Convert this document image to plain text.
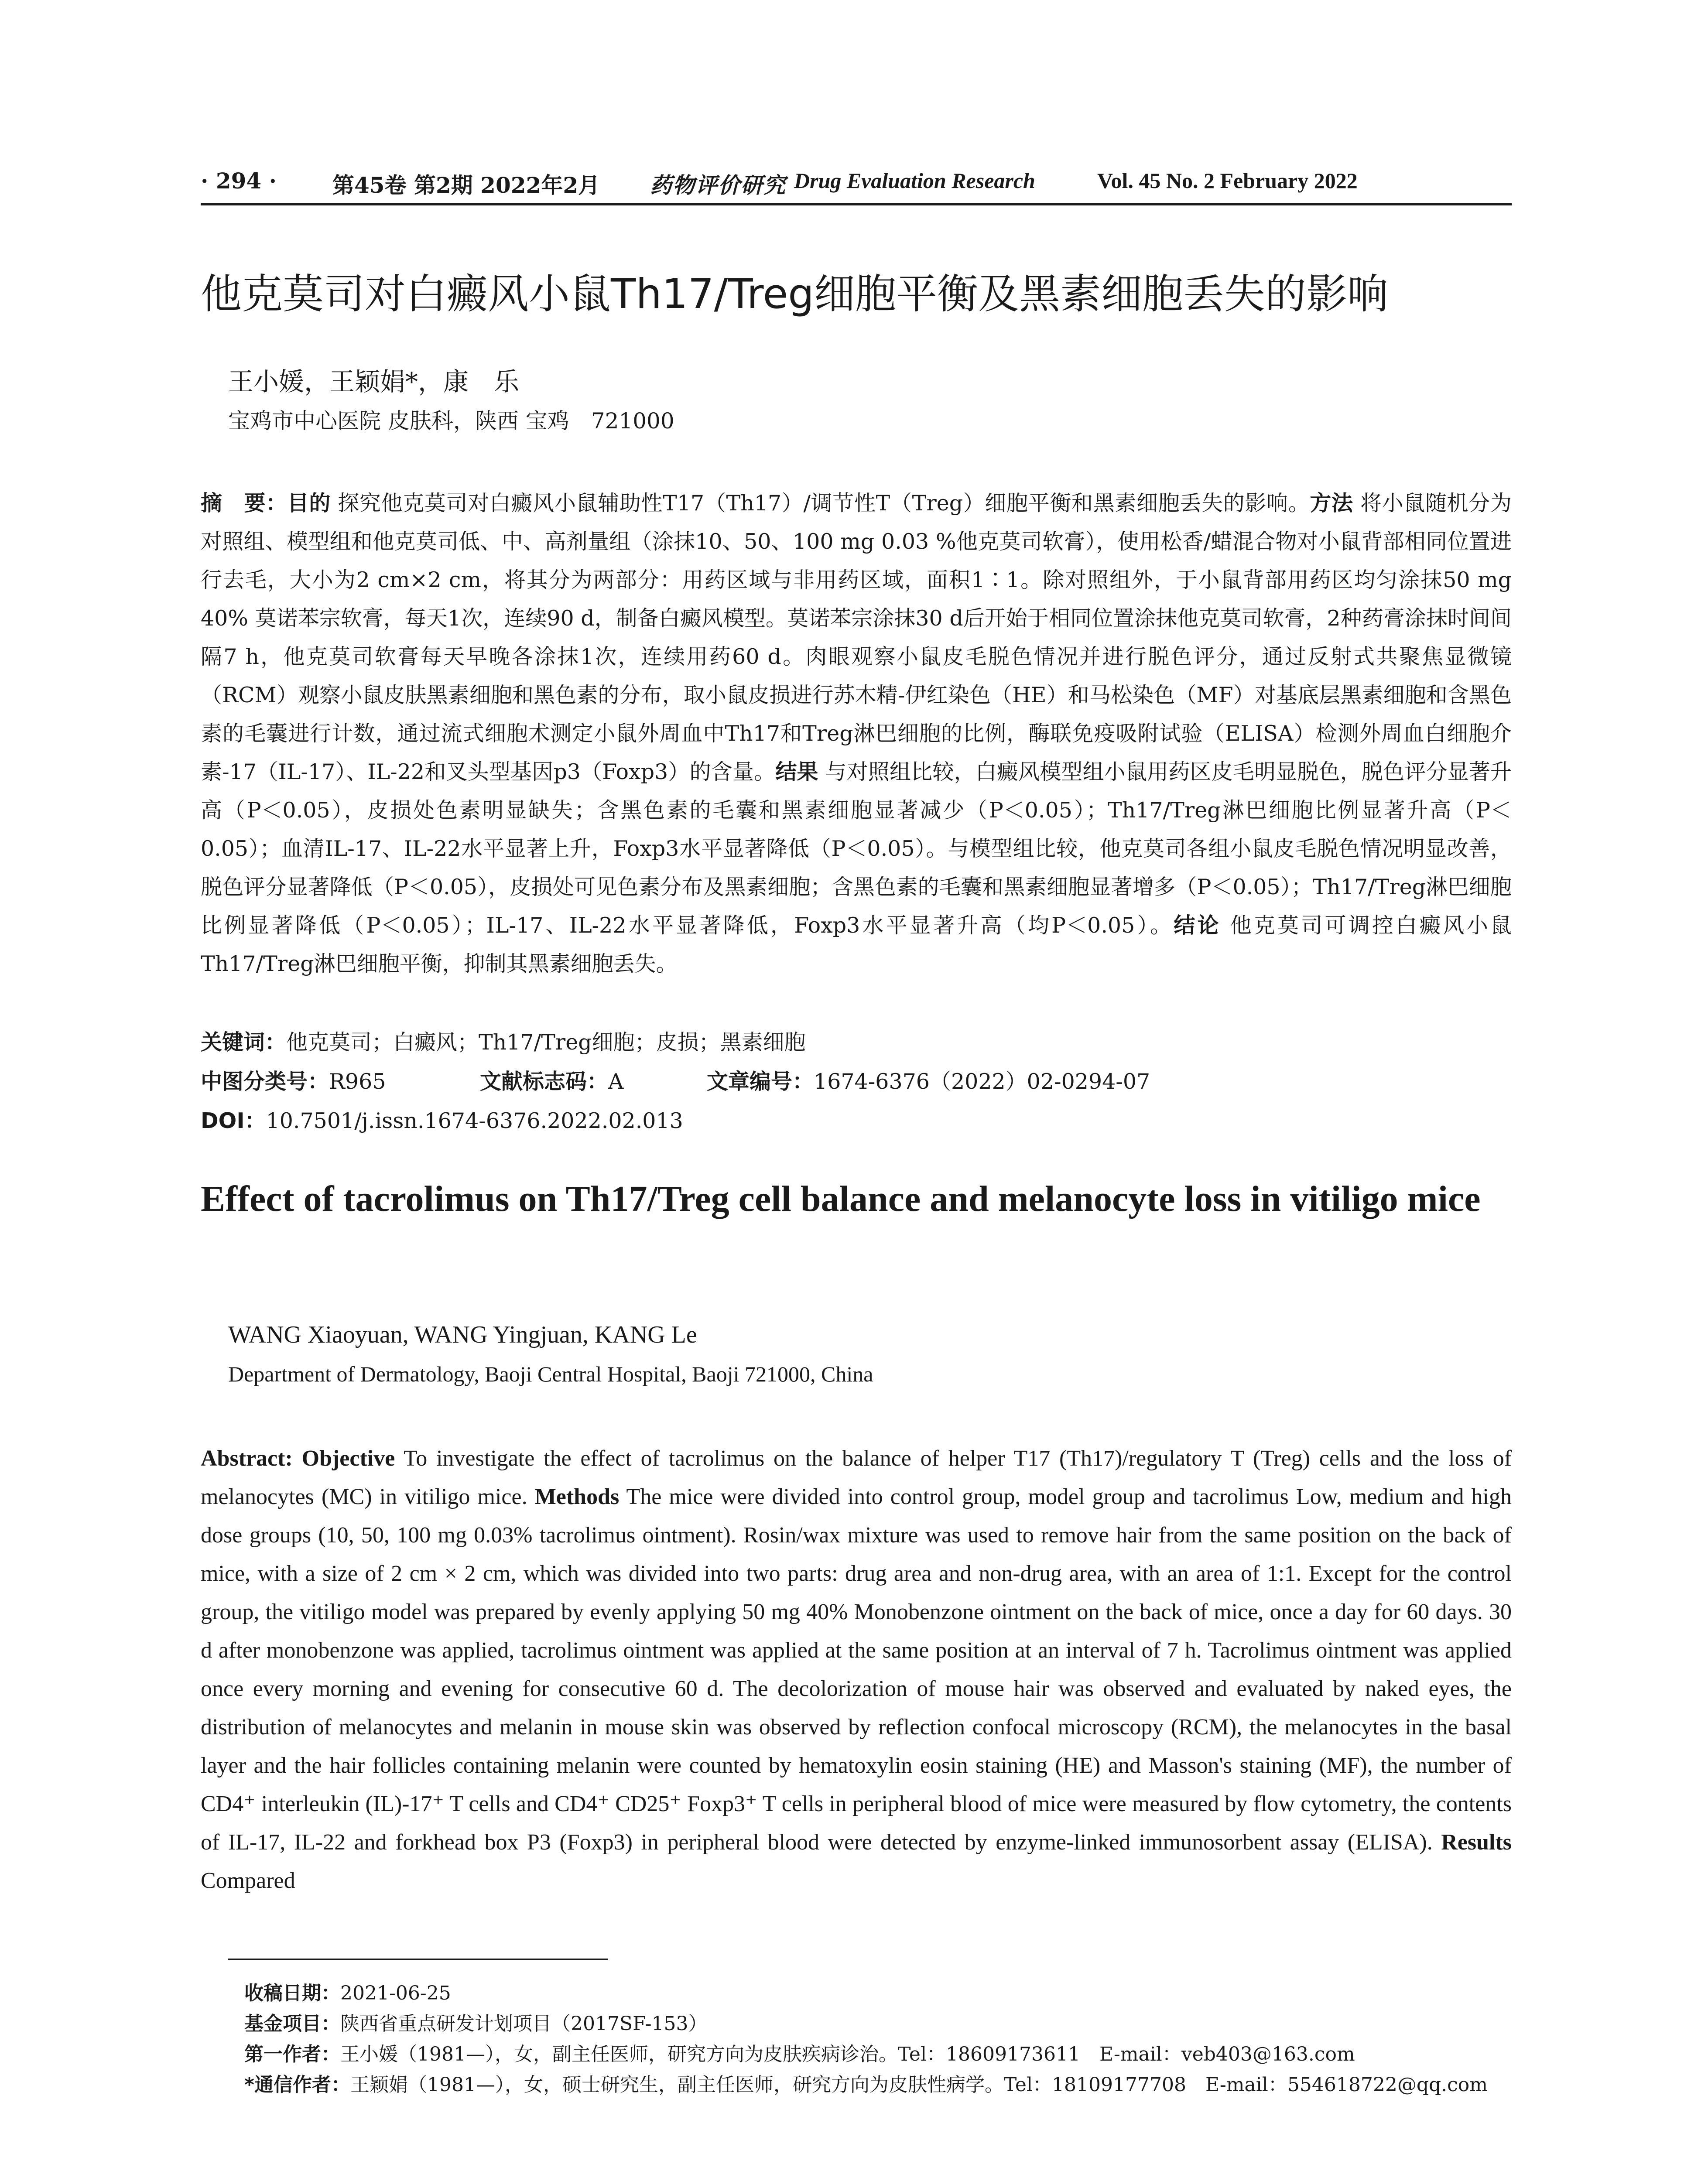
· 294 ·	第45卷 第2期 2022年2月 药物评价研究 Drug Evaluation Research	Vol. 45 No. 2 February 2022
他克莫司对白癜风小鼠Th17/Treg细胞平衡及黑素细胞丢失的影响
王小媛，王颖娟*，康　乐
宝鸡市中心医院 皮肤科，陕西 宝鸡　721000
摘　要：目的 探究他克莫司对白癜风小鼠辅助性T17（Th17）/调节性T（Treg）细胞平衡和黑素细胞丢失的影响。方法 将小鼠随机分为对照组、模型组和他克莫司低、中、高剂量组（涂抹10、50、100 mg 0.03 %他克莫司软膏），使用松香/蜡混合物对小鼠背部相同位置进行去毛，大小为2 cm×2 cm，将其分为两部分：用药区域与非用药区域，面积1∶1。除对照组外，于小鼠背部用药区均匀涂抹50 mg 40% 莫诺苯宗软膏，每天1次，连续90 d，制备白癜风模型。莫诺苯宗涂抹30 d后开始于相同位置涂抹他克莫司软膏，2种药膏涂抹时间间隔7 h，他克莫司软膏每天早晚各涂抹1次，连续用药60 d。肉眼观察小鼠皮毛脱色情况并进行脱色评分，通过反射式共聚焦显微镜（RCM）观察小鼠皮肤黑素细胞和黑色素的分布，取小鼠皮损进行苏木精-伊红染色（HE）和马松染色（MF）对基底层黑素细胞和含黑色素的毛囊进行计数，通过流式细胞术测定小鼠外周血中Th17和Treg淋巴细胞的比例，酶联免疫吸附试验（ELISA）检测外周血白细胞介素-17（IL-17）、IL-22和叉头型基因p3（Foxp3）的含量。结果 与对照组比较，白癜风模型组小鼠用药区皮毛明显脱色，脱色评分显著升高（P＜0.05），皮损处色素明显缺失；含黑色素的毛囊和黑素细胞显著减少（P＜0.05）；Th17/Treg淋巴细胞比例显著升高（P＜0.05）；血清IL-17、IL-22水平显著上升，Foxp3水平显著降低（P＜0.05）。与模型组比较，他克莫司各组小鼠皮毛脱色情况明显改善，脱色评分显著降低（P＜0.05），皮损处可见色素分布及黑素细胞；含黑色素的毛囊和黑素细胞显著增多（P＜0.05）；Th17/Treg淋巴细胞比例显著降低（P＜0.05）；IL-17、IL-22水平显著降低，Foxp3水平显著升高（均P＜0.05）。结论 他克莫司可调控白癜风小鼠Th17/Treg淋巴细胞平衡，抑制其黑素细胞丢失。
关键词：他克莫司；白癜风；Th17/Treg细胞；皮损；黑素细胞
中图分类号：R965	文献标志码：A	文章编号：1674-6376（2022）02-0294-07
DOI：10.7501/j.issn.1674-6376.2022.02.013
Effect of tacrolimus on Th17/Treg cell balance and melanocyte loss in vitiligo mice
WANG Xiaoyuan, WANG Yingjuan, KANG Le
Department of Dermatology, Baoji Central Hospital, Baoji 721000, China
Abstract: Objective To investigate the effect of tacrolimus on the balance of helper T17 (Th17)/regulatory T (Treg) cells and the loss of melanocytes (MC) in vitiligo mice. Methods The mice were divided into control group, model group and tacrolimus Low, medium and high dose groups (10, 50, 100 mg 0.03% tacrolimus ointment). Rosin/wax mixture was used to remove hair from the same position on the back of mice, with a size of 2 cm × 2 cm, which was divided into two parts: drug area and non-drug area, with an area of 1:1. Except for the control group, the vitiligo model was prepared by evenly applying 50 mg 40% Monobenzone ointment on the back of mice, once a day for 60 days. 30 d after monobenzone was applied, tacrolimus ointment was applied at the same position at an interval of 7 h. Tacrolimus ointment was applied once every morning and evening for consecutive 60 d. The decolorization of mouse hair was observed and evaluated by naked eyes, the distribution of melanocytes and melanin in mouse skin was observed by reflection confocal microscopy (RCM), the melanocytes in the basal layer and the hair follicles containing melanin were counted by hematoxylin eosin staining (HE) and Masson's staining (MF), the number of CD4⁺ interleukin (IL)-17⁺ T cells and CD4⁺ CD25⁺ Foxp3⁺ T cells in peripheral blood of mice were measured by flow cytometry, the contents of IL-17, IL-22 and forkhead box P3 (Foxp3) in peripheral blood were detected by enzyme-linked immunosorbent assay (ELISA). Results Compared
收稿日期：2021-06-25
基金项目：陕西省重点研发计划项目（2017SF-153）
第一作者：王小媛（1981—），女，副主任医师，研究方向为皮肤疾病诊治。Tel：18609173611　E-mail：veb403@163.com
*通信作者：王颖娟（1981—），女，硕士研究生，副主任医师，研究方向为皮肤性病学。Tel：18109177708　E-mail：554618722@qq.com
